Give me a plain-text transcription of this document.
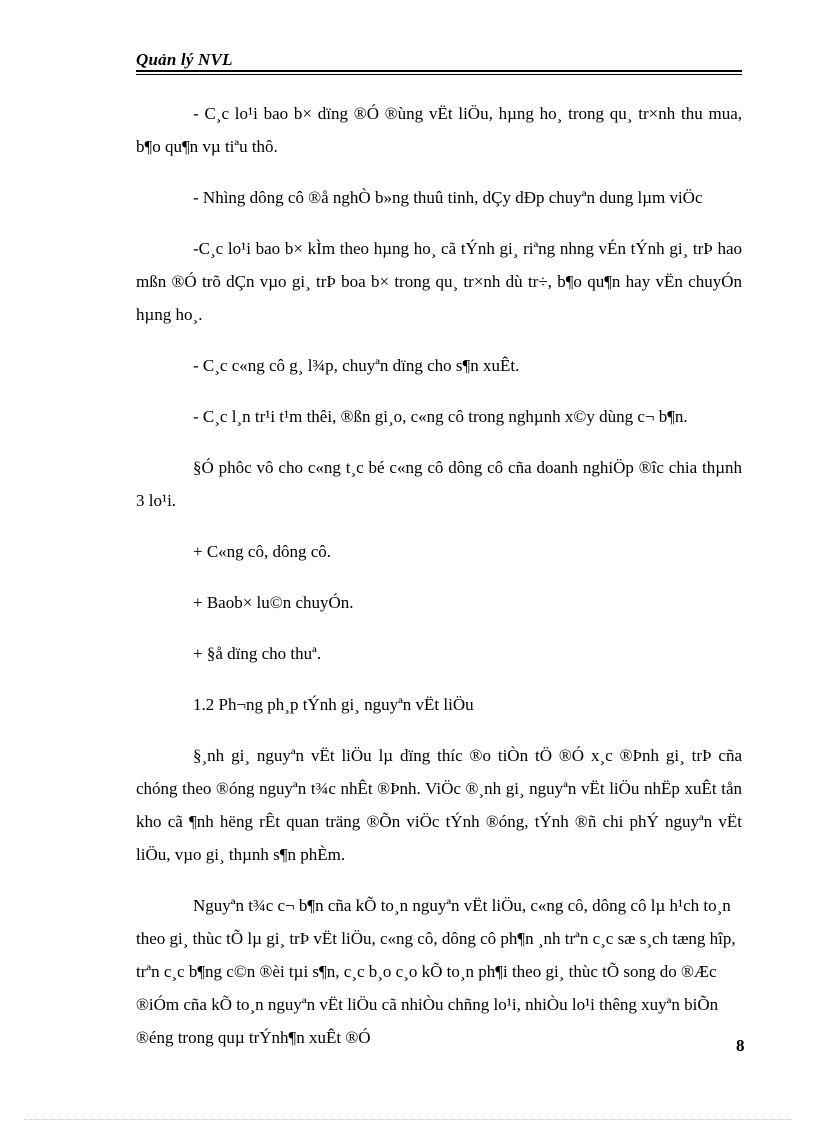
Quản lý NVL

- C¸c lo¹i bao b× dïng ®Ó ®ùng vËt liÖu, hµng ho¸ trong qu¸ tr×nh thu mua, b¶o qu¶n vµ tiªu thô.

- Nhìng dông cô ®å nghÒ b»ng thuû tinh, dÇy dÐp chuyªn dung lµm viÖc

-C¸c lo¹i bao b× kÌm theo hµng ho¸ cã tÝnh gi¸ riªng nhng vÉn tÝnh gi¸ trÞ hao mßn ®Ó trõ dÇn vµo gi¸ trÞ boa b× trong qu¸ tr×nh dù tr÷, b¶o qu¶n hay vËn chuyÓn hµng ho¸.

- C¸c c«ng cô g¸ l¾p, chuyªn dïng cho s¶n xuÊt.

- C¸c l¸n tr¹i t¹m thêi, ®ßn gi¸o, c«ng cô trong nghµnh x©y dùng c¬ b¶n.

§Ó phôc vô cho c«ng t¸c bé c«ng cô dông cô cña doanh nghiÖp ®îc chia thµnh 3 lo¹i.

+ C«ng cô, dông cô.

+ Baob× lu©n chuyÓn.

+ §å dïng cho thuª.

1.2 Ph¬ng ph¸p tÝnh gi¸ nguyªn vËt liÖu

§¸nh gi¸ nguyªn vËt liÖu lµ dïng thíc ®o tiÒn tÖ ®Ó x¸c ®Þnh gi¸ trÞ cña chóng theo ®óng nguyªn t¾c nhÊt ®Þnh. ViÖc ®¸nh gi¸ nguyªn vËt liÖu nhËp xuÊt tån kho cã ¶nh hëng rÊt quan träng ®Õn viÖc tÝnh ®óng, tÝnh ®ñ chi phÝ nguyªn vËt liÖu, vµo gi¸ thµnh s¶n phÈm.

Nguyªn t¾c c¬ b¶n cña kÕ to¸n nguyªn vËt liÖu, c«ng cô, dông cô lµ h¹ch to¸n theo gi¸ thùc tÕ lµ gi¸ trÞ vËt liÖu, c«ng cô, dông cô ph¶n ¸nh trªn c¸c sæ s¸ch tæng hîp, trªn c¸c b¶ng c©n ®èi tµi s¶n, c¸c b¸o c¸o kÕ to¸n ph¶i theo gi¸ thùc tÕ song do ®Æc ®iÓm cña kÕ to¸n nguyªn vËt liÖu cã nhiÒu chñng lo¹i, nhiÒu lo¹i thêng xuyªn biÕn ®éng trong quµ trÝnh¶n xuÊt ®Ó	8
